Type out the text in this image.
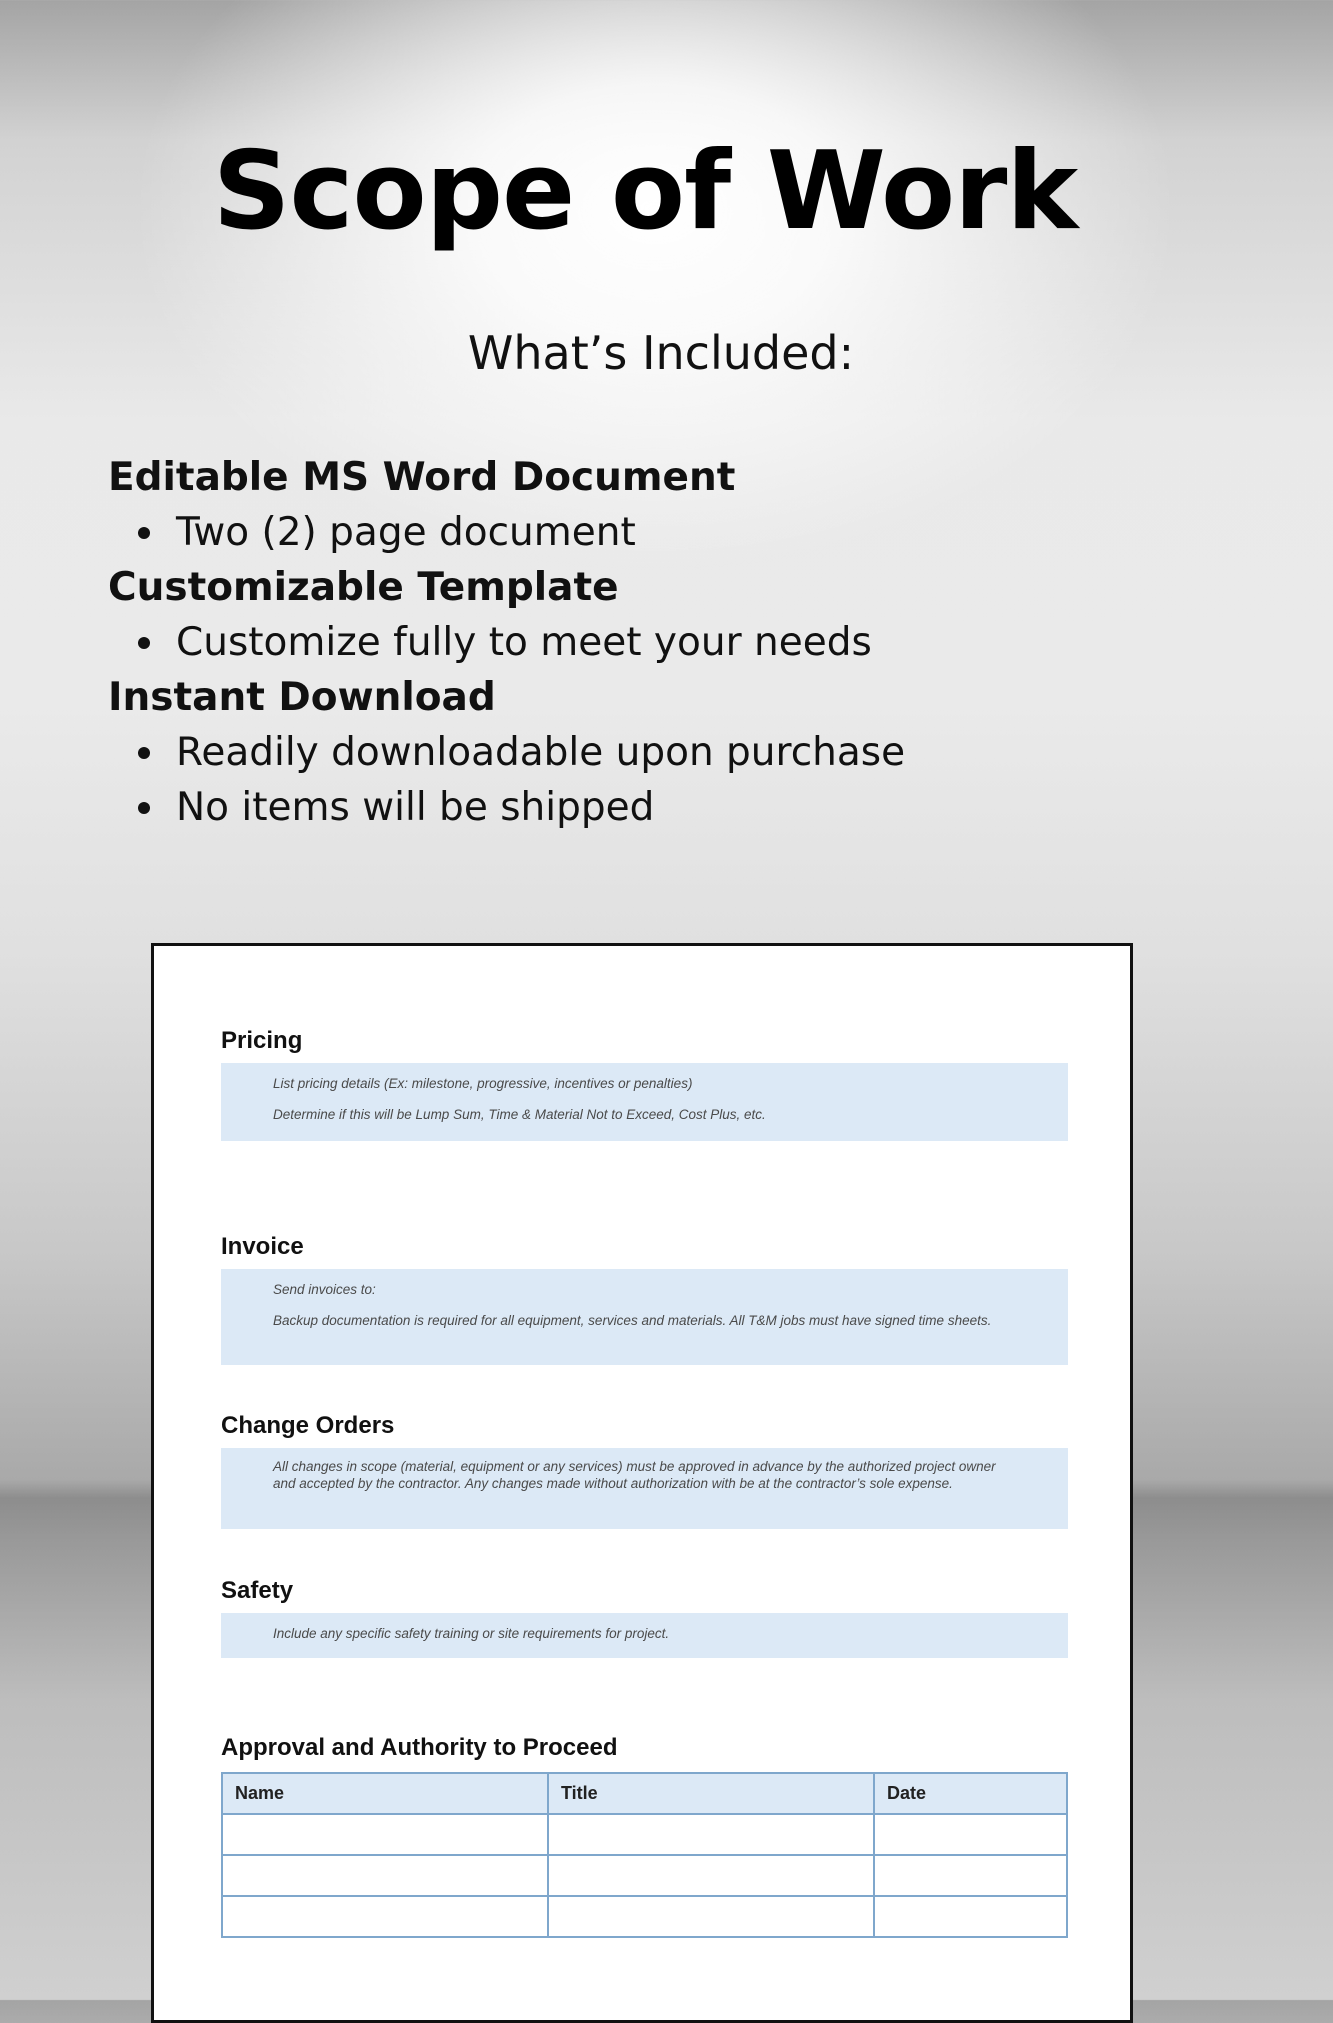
Scope of Work
What’s Included:

Editable MS Word Document

Two (2) page document

Customizable Template

Customize fully to meet your needs

Instant Download

Readily downloadable upon purchase
No items will be shipped

Pricing

List pricing details (Ex: milestone, progressive, incentives or penalties)

Determine if this will be Lump Sum, Time & Material Not to Exceed, Cost Plus, etc.

Invoice

Send invoices to:

Backup documentation is required for all equipment, services and materials. All T&M jobs must have signed time sheets.

Change Orders

All changes in scope (material, equipment or any services) must be approved in advance by the authorized project owner and accepted by the contractor. Any changes made without authorization with be at the contractor’s sole expense.

Safety

Include any specific safety training or site requirements for project.

Approval and Authority to Proceed

Name	Title	Date
